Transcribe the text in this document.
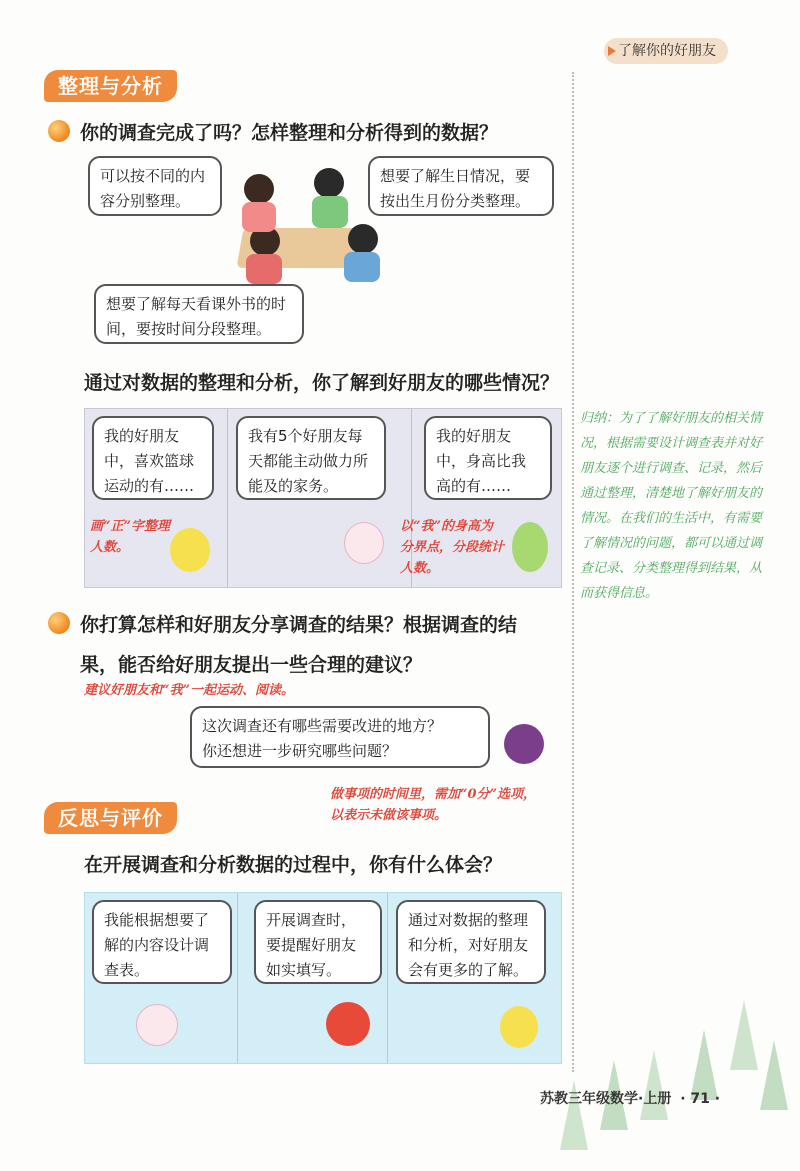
了解你的好朋友
整理与分析
你的调查完成了吗？怎样整理和分析得到的数据？
可以按不同的内容分别整理。
想要了解生日情况，要按出生月份分类整理。
想要了解每天看课外书的时间，要按时间分段整理。
通过对数据的整理和分析，你了解到好朋友的哪些情况？
我的好朋友中，喜欢篮球运动的有……
我有5个好朋友每天都能主动做力所能及的家务。
我的好朋友中，身高比我高的有……
画“正”字整理人数。
以“我”的身高为分界点，分段统计人数。
归纳：为了了解好朋友的相关情况，根据需要设计调查表并对好朋友逐个进行调查、记录，然后通过整理，清楚地了解好朋友的情况。在我们的生活中，有需要了解情况的问题，都可以通过调查记录、分类整理得到结果，从而获得信息。
你打算怎样和好朋友分享调查的结果？根据调查的结
果，能否给好朋友提出一些合理的建议？
建议好朋友和“我”一起运动、阅读。
这次调查还有哪些需要改进的地方？
你还想进一步研究哪些问题？
做事项的时间里，需加“0分”选项，
以表示未做该事项。
反思与评价
在开展调查和分析数据的过程中，你有什么体会？
我能根据想要了解的内容设计调查表。
开展调查时，要提醒好朋友如实填写。
通过对数据的整理和分析，对好朋友会有更多的了解。
苏教三年级数学·上册 · 71 ·
